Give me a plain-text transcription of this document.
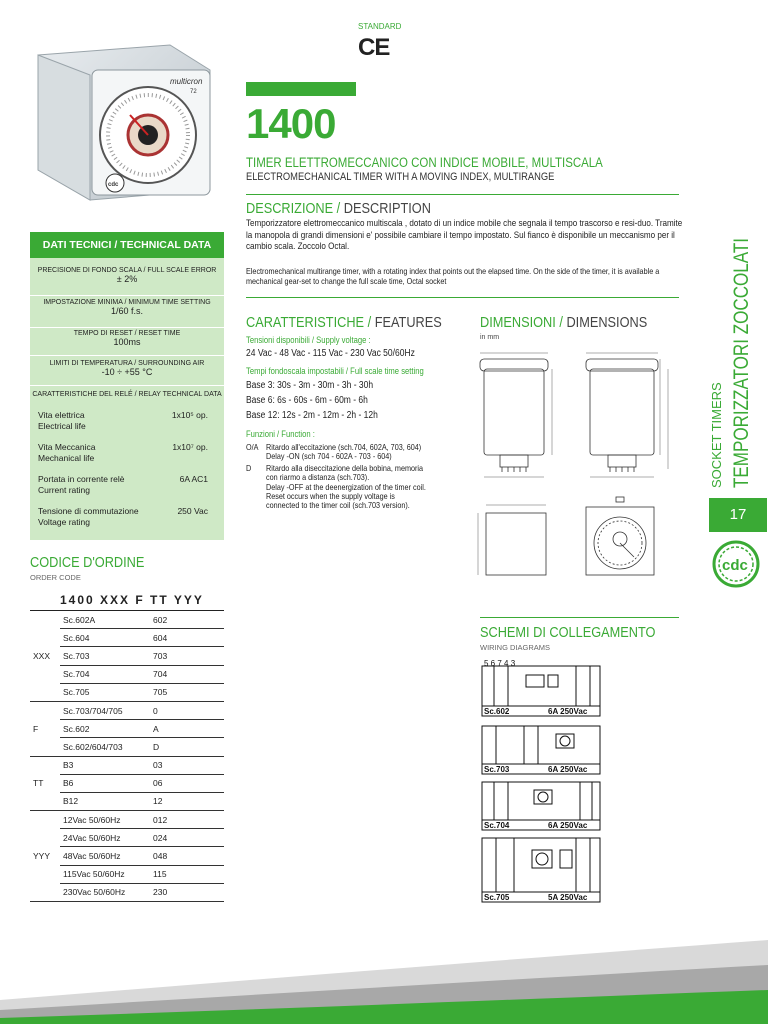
multicron
72
cdc
STANDARD
CE
1400
TIMER ELETTROMECCANICO CON INDICE MOBILE, MULTISCALA
ELECTROMECHANICAL TIMER WITH A MOVING INDEX, MULTIRANGE
DESCRIZIONE / DESCRIPTION
Temporizzatore elettromeccanico multiscala , dotato di un indice mobile che segnala il tempo trascorso e resi-duo. Tramite la manopola di grandi dimensioni e' possibile cambiare il tempo impostato. Sul fianco è disponibile un meccanismo per il cambio scala. Zoccolo Octal.
Electromechanical multirange timer, with a rotating index that points out the elapsed time. On the side of the timer, it is available a mechanical gear-set to change the full scale time, Octal socket
DATI TECNICI / TECHNICAL DATA
PRECISIONE DI FONDO SCALA / FULL SCALE ERROR
± 2%
IMPOSTAZIONE MINIMA / MINIMUM TIME SETTING
1/60 f.s.
TEMPO DI RESET / RESET TIME
100ms
LIMITI DI TEMPERATURA / SURROUNDING AIR
-10 ÷ +55 °C
CARATTERISTICHE DEL RELÉ / RELAY TECHNICAL DATA
Vita elettrica
Electrical life
1x10⁵ op.
Vita Meccanica
Mechanical life
1x10⁷ op.
Portata in corrente relè
Current rating
6A AC1
Tensione di commutazione
Voltage rating
250 Vac
SOCKET TIMERS TEMPORIZZATORI ZOCCOLATI
17
cdc
CODICE D'ORDINE
ORDER CODE
1400 XXX F TT YYY
	Sc.602A	602
	Sc.604	604
XXX	Sc.703	703
	Sc.704	704
	Sc.705	705
	Sc.703/704/705	0
F	Sc.602	A
	Sc.602/604/703	D
	B3	03
TT	B6	06
	B12	12
	12Vac 50/60Hz	012
	24Vac 50/60Hz	024
YYY	48Vac 50/60Hz	048
	115Vac 50/60Hz	115
	230Vac 50/60Hz	230
CARATTERISTICHE / FEATURES
Tensioni disponibili / Supply voltage :
24 Vac - 48 Vac - 115 Vac - 230 Vac 50/60Hz
Tempi fondoscala impostabili / Full scale time setting
Base 3: 30s - 3m - 30m - 3h - 30h
Base 6: 6s - 60s - 6m - 60m - 6h
Base 12: 12s - 2m - 12m - 2h - 12h
Funzioni / Function :
O/A Ritardo all'eccitazione (sch.704, 602A, 703, 604)
Delay -ON (sch 704 - 602A - 703 - 604)
D Ritardo alla diseccitazione della bobina, memoria
con riarmo a distanza (sch.703).
Delay -OFF at the deenergization of the timer coil.
Reset occurs when the supply voltage is
connected to the timer coil (sch.703 version).
DIMENSIONI / DIMENSIONS
in mm
SCHEMI DI COLLEGAMENTO
WIRING DIAGRAMS
5 6 7 4 3
Sc.602	6A 250Vac
Sc.703	6A 250Vac
Sc.704	6A 250Vac
Sc.705	5A 250Vac
